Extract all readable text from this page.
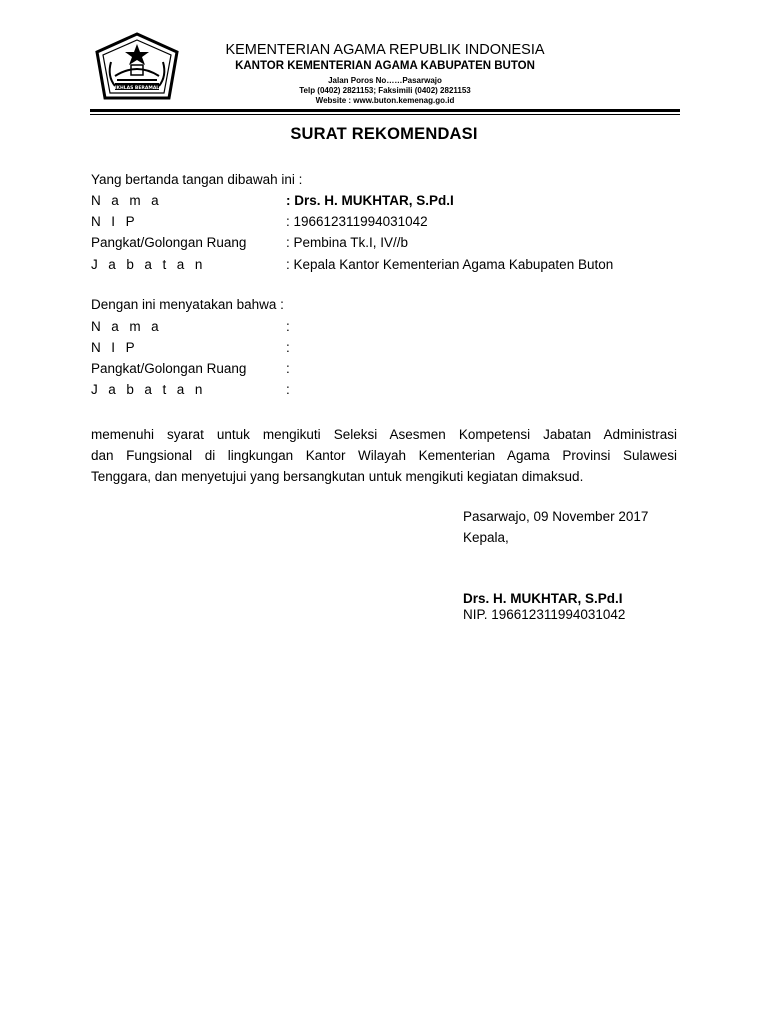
IKHLAS BERAMAL
KEMENTERIAN AGAMA REPUBLIK INDONESIA
KANTOR KEMENTERIAN AGAMA KABUPATEN BUTON
Jalan Poros No……Pasarwajo
Telp (0402) 2821153; Faksimili (0402) 2821153
Website : www.buton.kemenag.go.id
SURAT REKOMENDASI
Yang bertanda tangan dibawah ini :
N a m a	: Drs. H. MUKHTAR, S.Pd.I
N I P	: 196612311994031042
Pangkat/Golongan Ruang	: Pembina Tk.I, IV//b
J a b a t a n	: Kepala Kantor Kementerian Agama Kabupaten Buton
Dengan ini menyatakan bahwa :
N a m a	:
N I P	:
Pangkat/Golongan Ruang	:
J a b a t a n	:
memenuhi syarat untuk mengikuti Seleksi Asesmen Kompetensi Jabatan Administrasi
dan Fungsional di lingkungan Kantor Wilayah Kementerian Agama Provinsi Sulawesi
Tenggara, dan menyetujui yang bersangkutan untuk mengikuti kegiatan dimaksud.
Pasarwajo, 09 November 2017
Kepala,
Drs. H. MUKHTAR, S.Pd.I
NIP. 196612311994031042
